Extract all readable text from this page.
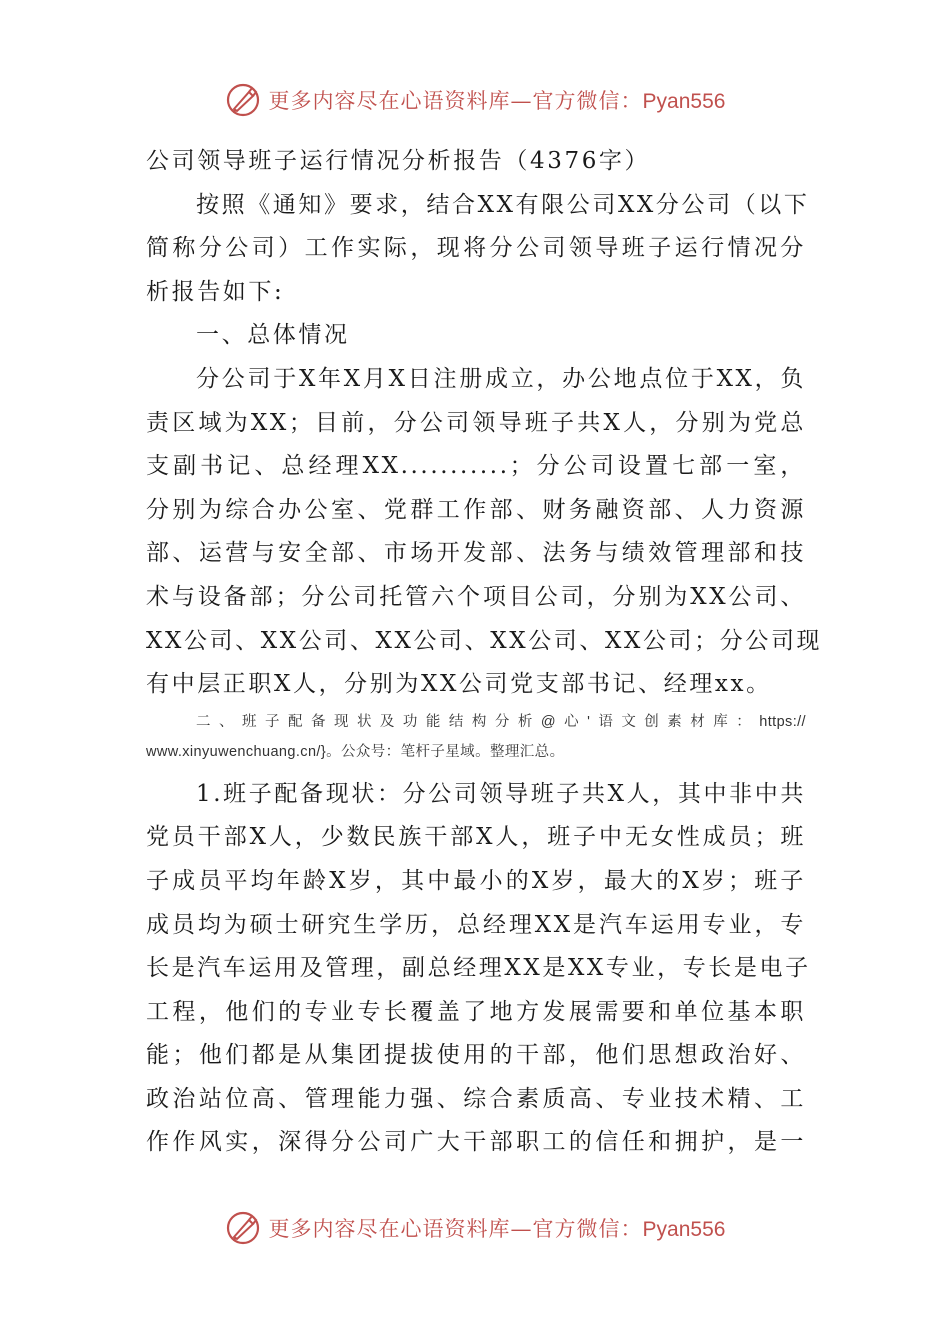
更多内容尽在心语资料库—官方微信：Pyan556
公司领导班子运行情况分析报告（4376字）
按照《通知》要求，结合XX有限公司XX分公司（以下
简称分公司）工作实际，现将分公司领导班子运行情况分
析报告如下:
一、总体情况
分公司于X年X月X日注册成立，办公地点位于XX，负
责区域为XX；目前，分公司领导班子共X人，分别为党总
支副书记、总经理XX...........；分公司设置七部一室，
分别为综合办公室、党群工作部、财务融资部、人力资源
部、运营与安全部、市场开发部、法务与绩效管理部和技
术与设备部；分公司托管六个项目公司，分别为XX公司、
XX公司、XX公司、XX公司、XX公司、XX公司；分公司现
有中层正职X人，分别为XX公司党支部书记、经理xx。
二、班子配备现状及功能结构分析@心'语文创素材库：https://
www.xinyuwenchuang.cn/}。公众号：笔杆子星域。整理汇总。
1.班子配备现状：分公司领导班子共X人，其中非中共
党员干部X人，少数民族干部X人，班子中无女性成员；班
子成员平均年龄X岁，其中最小的X岁，最大的X岁；班子
成员均为硕士研究生学历，总经理XX是汽车运用专业，专
长是汽车运用及管理，副总经理XX是XX专业，专长是电子
工程，他们的专业专长覆盖了地方发展需要和单位基本职
能；他们都是从集团提拔使用的干部，他们思想政治好、
政治站位高、管理能力强、综合素质高、专业技术精、工
作作风实，深得分公司广大干部职工的信任和拥护，是一
更多内容尽在心语资料库—官方微信：Pyan556
